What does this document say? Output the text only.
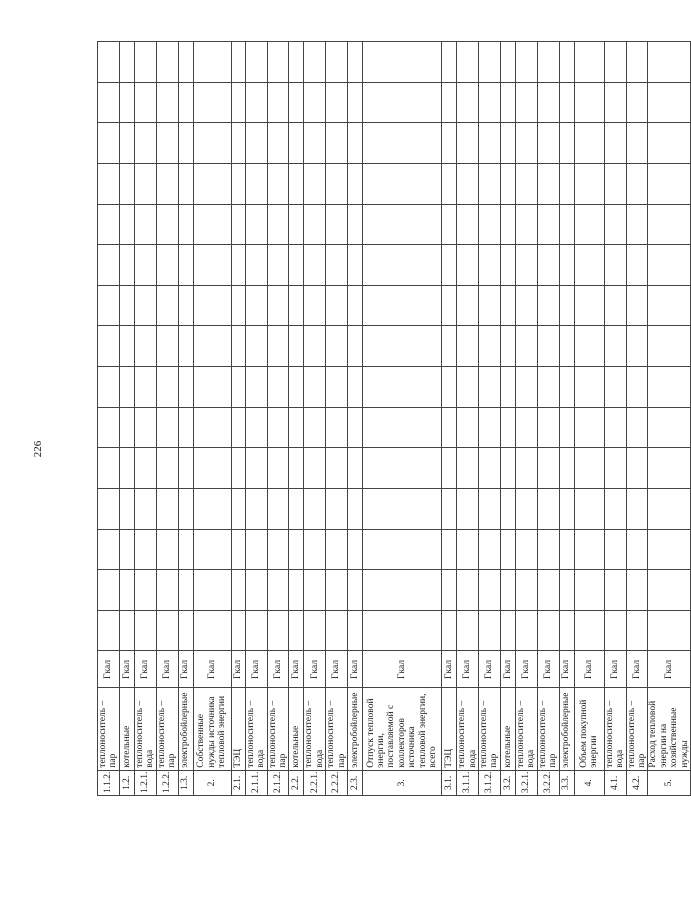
226
1.1.2.	теплоноситель – пар	Гкал															
1.2.	котельные	Гкал															
1.2.1.	теплоноситель – вода	Гкал															
1.2.2.	теплоноситель – пар	Гкал															
1.3.	электробойлерные	Гкал															
2.	Собственные нужды источника тепловой энергии	Гкал															
2.1.	ТЭЦ	Гкал															
2.1.1.	теплоноситель – вода	Гкал															
2.1.2.	теплоноситель – пар	Гкал															
2.2.	котельные	Гкал															
2.2.1.	теплоноситель – вода	Гкал															
2.2.2.	теплоноситель – пар	Гкал															
2.3.	электробойлерные	Гкал															
3.	Отпуск тепловой энергии, поставляемой с коллекторов источника тепловой энергии, всего	Гкал															
3.1.	ТЭЦ	Гкал															
3.1.1.	теплоноситель – вода	Гкал															
3.1.2.	теплоноситель – пар	Гкал															
3.2.	котельные	Гкал															
3.2.1.	теплоноситель – вода	Гкал															
3.2.2.	теплоноситель – пар	Гкал															
3.3.	электробойлерные	Гкал															
4.	Объем покупной энергии	Гкал															
4.1.	теплоноситель – вода	Гкал															
4.2.	теплоноситель – пар	Гкал															
5.	Расход тепловой энергии на хозяйственные нужды	Гкал															
